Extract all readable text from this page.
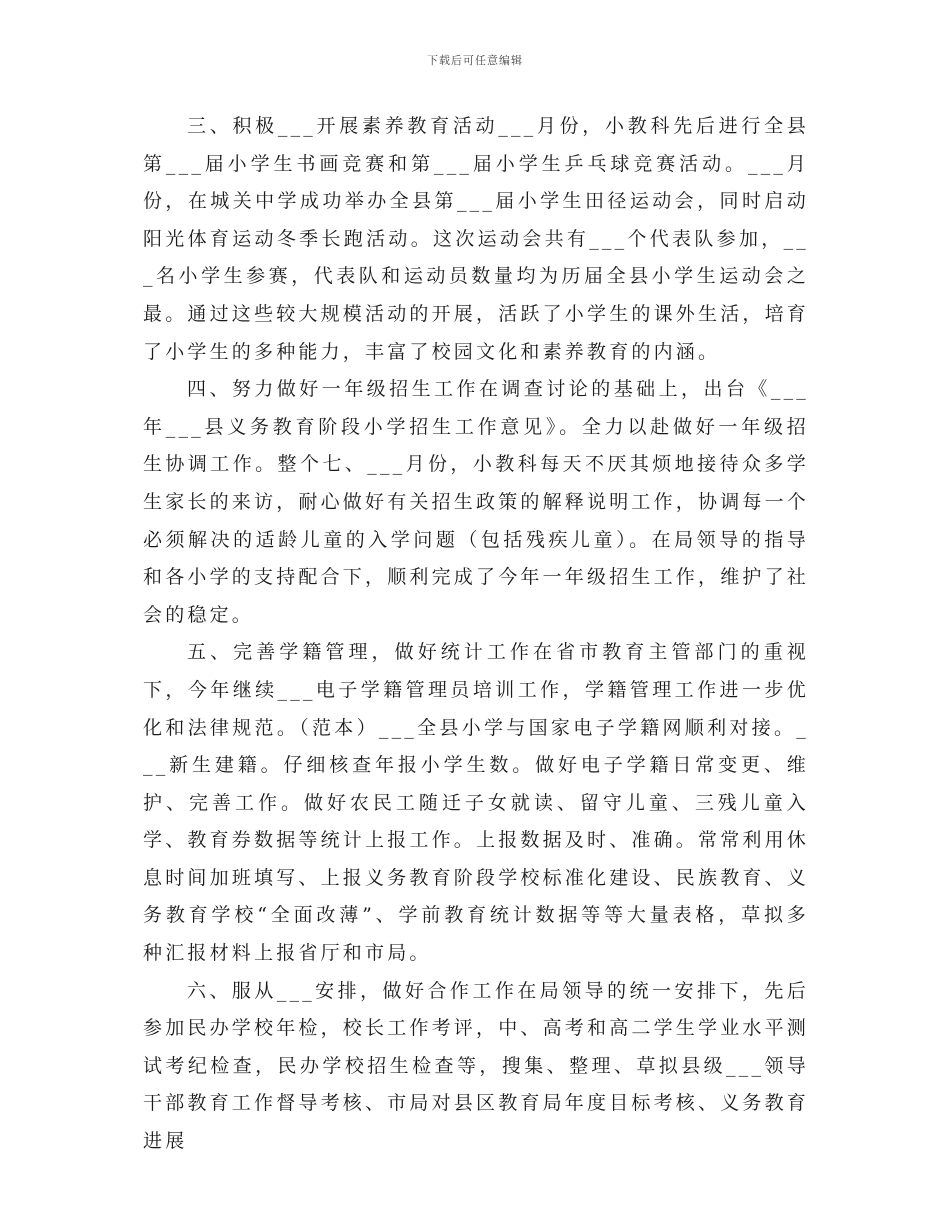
下载后可任意编辑

三、积极___开展素养教育活动___月份，小教科先后进行全县第___届小学生书画竞赛和第___届小学生乒乓球竞赛活动。___月份，在城关中学成功举办全县第___届小学生田径运动会，同时启动阳光体育运动冬季长跑活动。这次运动会共有___个代表队参加，___名小学生参赛，代表队和运动员数量均为历届全县小学生运动会之最。通过这些较大规模活动的开展，活跃了小学生的课外生活，培育了小学生的多种能力，丰富了校园文化和素养教育的内涵。

四、努力做好一年级招生工作在调查讨论的基础上，出台《___年___县义务教育阶段小学招生工作意见》。全力以赴做好一年级招生协调工作。整个七、___月份，小教科每天不厌其烦地接待众多学生家长的来访，耐心做好有关招生政策的解释说明工作，协调每一个必须解决的适龄儿童的入学问题（包括残疾儿童）。在局领导的指导和各小学的支持配合下，顺利完成了今年一年级招生工作，维护了社会的稳定。

五、完善学籍管理，做好统计工作在省市教育主管部门的重视下，今年继续___电子学籍管理员培训工作，学籍管理工作进一步优化和法律规范。（范本）___全县小学与国家电子学籍网顺利对接。___新生建籍。仔细核查年报小学生数。做好电子学籍日常变更、维护、完善工作。做好农民工随迁子女就读、留守儿童、三残儿童入学、教育券数据等统计上报工作。上报数据及时、准确。常常利用休息时间加班填写、上报义务教育阶段学校标准化建设、民族教育、义务教育学校“全面改薄”、学前教育统计数据等等大量表格，草拟多种汇报材料上报省厅和市局。

六、服从___安排，做好合作工作在局领导的统一安排下，先后参加民办学校年检，校长工作考评，中、高考和高二学生学业水平测试考纪检查，民办学校招生检查等，搜集、整理、草拟县级___领导干部教育工作督导考核、市局对县区教育局年度目标考核、义务教育进展
